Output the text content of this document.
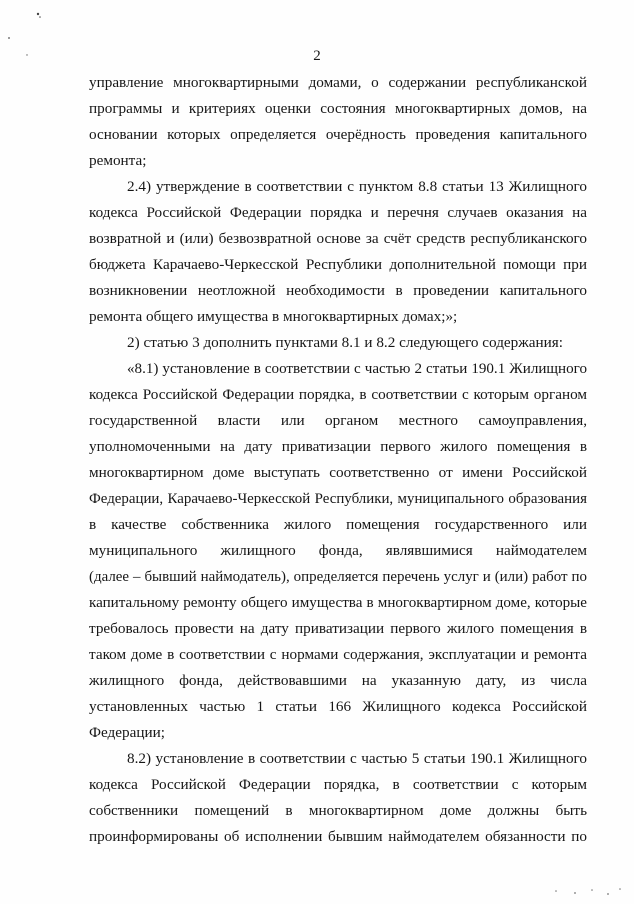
2
управление многоквартирными домами, о содержании республиканской
программы и критериях оценки состояния многоквартирных домов, на
основании которых определяется очерёдность проведения капитального
ремонта;
2.4) утверждение в соответствии с пунктом 8.8 статьи 13 Жилищного
кодекса Российской Федерации порядка и перечня случаев оказания на
возвратной и (или) безвозвратной основе за счёт средств республиканского
бюджета Карачаево-Черкесской Республики дополнительной помощи при
возникновении неотложной необходимости в проведении капитального
ремонта общего имущества в многоквартирных домах;»;
2) статью 3 дополнить пунктами 8.1 и 8.2 следующего содержания:
«8.1) установление в соответствии с частью 2 статьи 190.1 Жилищного
кодекса Российской Федерации порядка, в соответствии с которым органом
государственной власти или органом местного самоуправления,
уполномоченными на дату приватизации первого жилого помещения в
многоквартирном доме выступать соответственно от имени Российской
Федерации, Карачаево-Черкесской Республики, муниципального образования
в качестве собственника жилого помещения государственного или
муниципального жилищного фонда, являвшимися наймодателем
(далее – бывший наймодатель), определяется перечень услуг и (или) работ по
капитальному ремонту общего имущества в многоквартирном доме, которые
требовалось провести на дату приватизации первого жилого помещения в
таком доме в соответствии с нормами содержания, эксплуатации и ремонта
жилищного фонда, действовавшими на указанную дату, из числа
установленных частью 1 статьи 166 Жилищного кодекса Российской
Федерации;
8.2) установление в соответствии с частью 5 статьи 190.1 Жилищного
кодекса Российской Федерации порядка, в соответствии с которым
собственники помещений в многоквартирном доме должны быть
проинформированы об исполнении бывшим наймодателем обязанности по
